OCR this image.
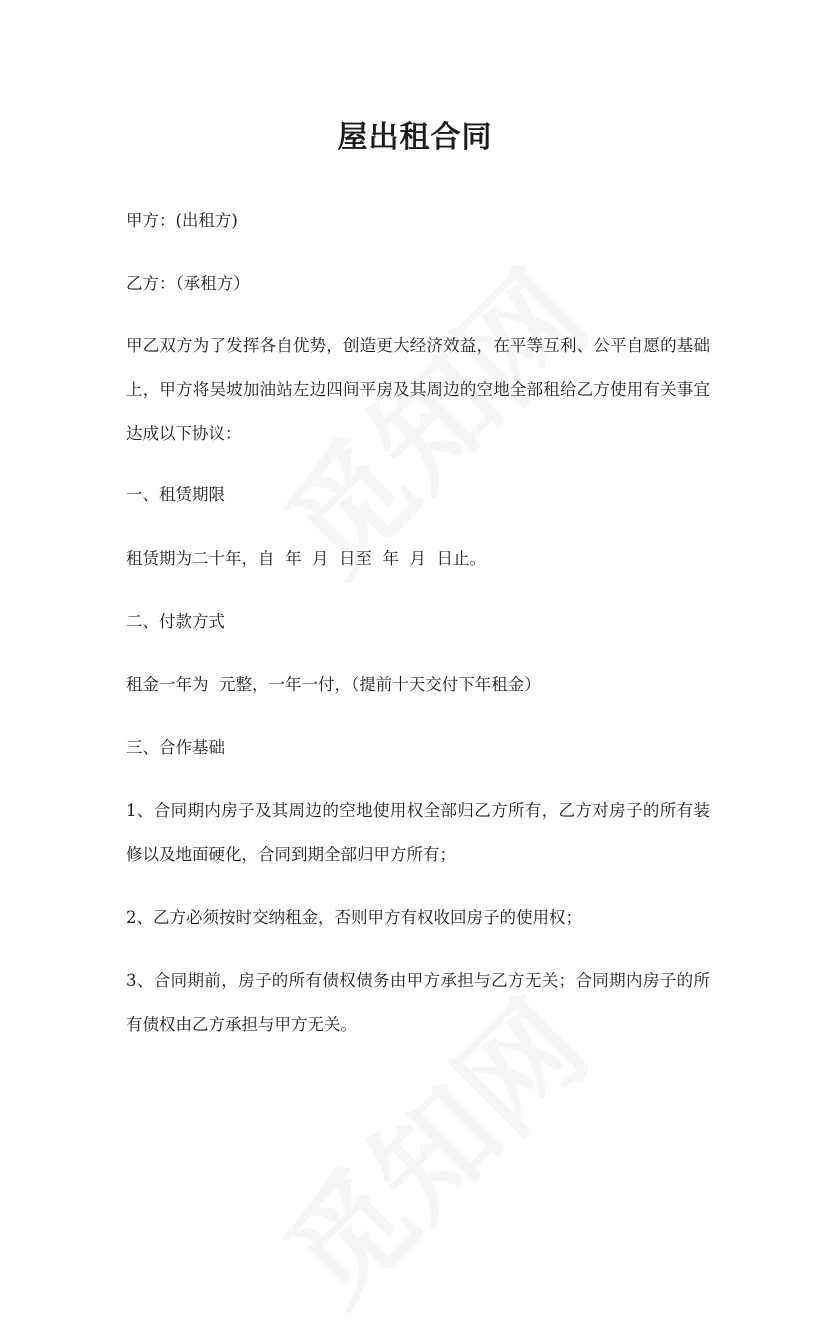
屋出租合同

甲方：(出租方)

乙方：（承租方）

甲乙双方为了发挥各自优势，创造更大经济效益，在平等互利、公平自愿的基础上，甲方将吴坡加油站左边四间平房及其周边的空地全部租给乙方使用有关事宜达成以下协议：

一、租赁期限

租赁期为二十年，自  年  月  日至  年  月  日止。

二、付款方式

租金一年为  元整，一年一付，（提前十天交付下年租金）

三、合作基础

1、合同期内房子及其周边的空地使用权全部归乙方所有，乙方对房子的所有装修以及地面硬化，合同到期全部归甲方所有；

2、乙方必须按时交纳租金，否则甲方有权收回房子的使用权；

3、合同期前，房子的所有债权债务由甲方承担与乙方无关；合同期内房子的所有债权由乙方承担与甲方无关。
